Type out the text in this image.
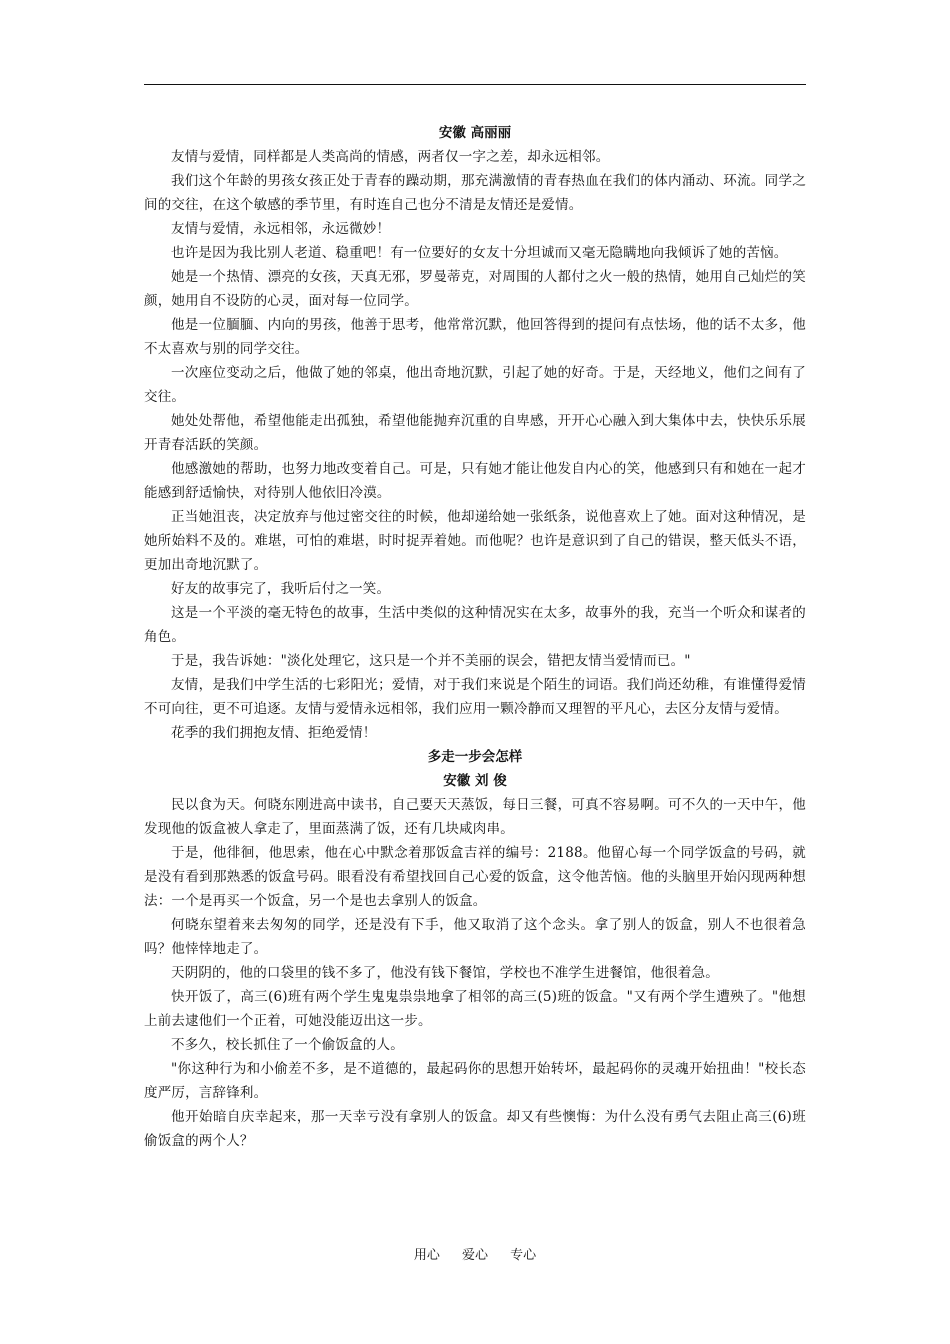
安徽 高丽丽

友情与爱情，同样都是人类高尚的情感，两者仅一字之差，却永远相邻。

我们这个年龄的男孩女孩正处于青春的躁动期，那充满激情的青春热血在我们的体内涌动、环流。同学之间的交往，在这个敏感的季节里，有时连自己也分不清是友情还是爱情。

友情与爱情，永远相邻，永远微妙！

也许是因为我比别人老道、稳重吧！有一位要好的女友十分坦诚而又毫无隐瞒地向我倾诉了她的苦恼。

她是一个热情、漂亮的女孩，天真无邪，罗曼蒂克，对周围的人都付之火一般的热情，她用自己灿烂的笑颜，她用自不设防的心灵，面对每一位同学。

他是一位腼腼、内向的男孩，他善于思考，他常常沉默，他回答得到的提问有点怯场，他的话不太多，他不太喜欢与别的同学交往。

一次座位变动之后，他做了她的邻桌，他出奇地沉默，引起了她的好奇。于是，天经地义，他们之间有了交往。

她处处帮他，希望他能走出孤独，希望他能抛弃沉重的自卑感，开开心心融入到大集体中去，快快乐乐展开青春活跃的笑颜。

他感激她的帮助，也努力地改变着自己。可是，只有她才能让他发自内心的笑，他感到只有和她在一起才能感到舒适愉快，对待别人他依旧冷漠。

正当她沮丧，决定放弃与他过密交往的时候，他却递给她一张纸条，说他喜欢上了她。面对这种情况，是她所始料不及的。难堪，可怕的难堪，时时捉弄着她。而他呢？也许是意识到了自己的错误，整天低头不语，更加出奇地沉默了。

好友的故事完了，我听后付之一笑。

这是一个平淡的毫无特色的故事，生活中类似的这种情况实在太多，故事外的我，充当一个听众和谋者的角色。

于是，我告诉她："淡化处理它，这只是一个并不美丽的误会，错把友情当爱情而已。"

友情，是我们中学生活的七彩阳光；爱情，对于我们来说是个陌生的词语。我们尚还幼稚，有谁懂得爱情不可向往，更不可追逐。友情与爱情永远相邻，我们应用一颗冷静而又理智的平凡心，去区分友情与爱情。

花季的我们拥抱友情、拒绝爱情！

多走一步会怎样

安徽 刘 俊

民以食为天。何晓东刚进高中读书，自己要天天蒸饭，每日三餐，可真不容易啊。可不久的一天中午，他发现他的饭盒被人拿走了，里面蒸满了饭，还有几块咸肉串。

于是，他徘徊，他思索，他在心中默念着那饭盒吉祥的编号：2188。他留心每一个同学饭盒的号码，就是没有看到那熟悉的饭盒号码。眼看没有希望找回自己心爱的饭盒，这令他苦恼。他的头脑里开始闪现两种想法：一个是再买一个饭盒，另一个是也去拿别人的饭盒。

何晓东望着来去匆匆的同学，还是没有下手，他又取消了这个念头。拿了别人的饭盒，别人不也很着急吗？他悻悻地走了。

天阴阴的，他的口袋里的钱不多了，他没有钱下餐馆，学校也不准学生进餐馆，他很着急。

快开饭了，高三(6)班有两个学生鬼鬼祟祟地拿了相邻的高三(5)班的饭盒。"又有两个学生遭殃了。"他想上前去逮他们一个正着，可她没能迈出这一步。

不多久，校长抓住了一个偷饭盒的人。

"你这种行为和小偷差不多，是不道德的，最起码你的思想开始转坏，最起码你的灵魂开始扭曲！"校长态度严厉，言辞锋利。

他开始暗自庆幸起来，那一天幸亏没有拿别人的饭盒。却又有些懊悔：为什么没有勇气去阻止高三(6)班偷饭盒的两个人？

用心 爱心 专心
